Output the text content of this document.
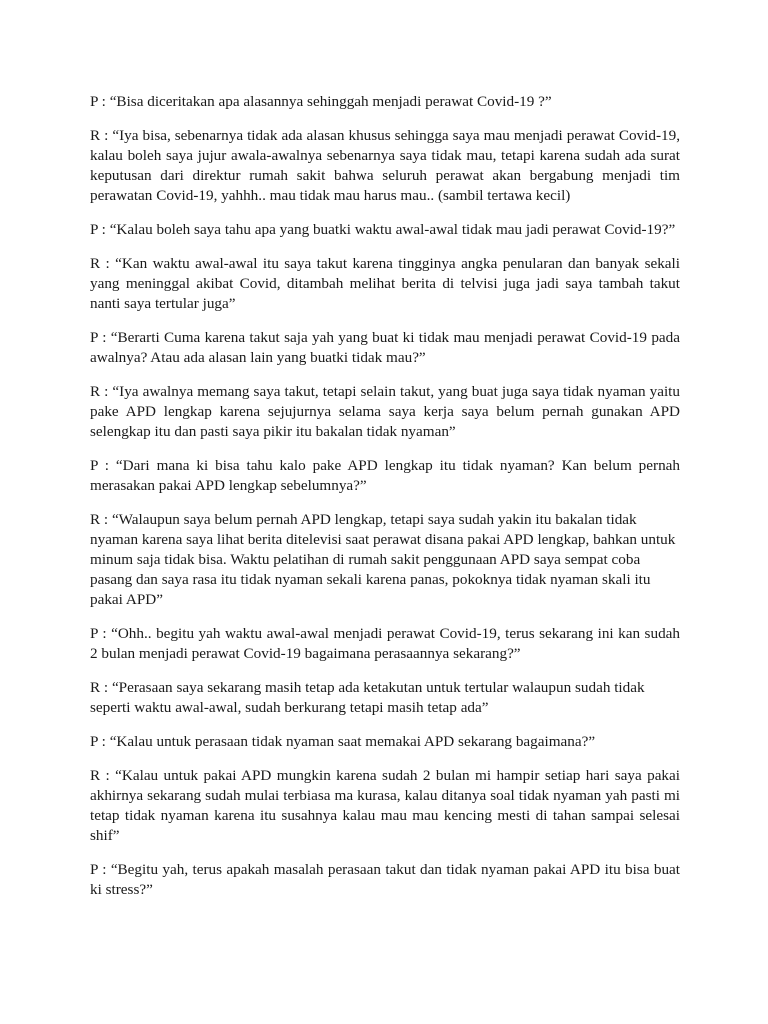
P : “Bisa diceritakan apa alasannya sehinggah menjadi perawat Covid-19 ?”

R : “Iya bisa, sebenarnya tidak ada alasan khusus sehingga saya mau menjadi perawat Covid-19, kalau boleh saya jujur awala-awalnya sebenarnya saya tidak mau, tetapi karena sudah ada surat keputusan dari direktur rumah sakit bahwa seluruh perawat akan bergabung menjadi tim perawatan Covid-19, yahhh.. mau tidak mau harus mau.. (sambil tertawa kecil)

P : “Kalau boleh saya tahu apa yang buatki waktu awal-awal tidak mau jadi perawat Covid-19?”

R : “Kan waktu awal-awal itu saya takut karena tingginya angka penularan dan banyak sekali yang meninggal akibat Covid, ditambah melihat berita di telvisi juga jadi saya tambah takut nanti saya tertular juga”

P : “Berarti Cuma karena takut saja yah yang buat ki tidak mau menjadi perawat Covid-19 pada awalnya? Atau ada alasan lain yang buatki tidak mau?”

R : “Iya awalnya memang saya takut, tetapi selain takut, yang buat juga saya tidak nyaman yaitu pake APD lengkap karena sejujurnya selama saya kerja saya belum pernah gunakan APD selengkap itu dan pasti saya pikir itu bakalan tidak nyaman”

P : “Dari mana ki bisa tahu kalo pake APD lengkap itu tidak nyaman? Kan belum pernah merasakan pakai APD lengkap sebelumnya?”

R : “Walaupun saya belum pernah APD lengkap, tetapi saya sudah yakin itu bakalan tidak nyaman karena saya lihat berita ditelevisi saat perawat disana pakai APD lengkap, bahkan untuk minum saja tidak bisa. Waktu pelatihan di rumah sakit penggunaan APD saya sempat coba pasang dan saya rasa itu tidak nyaman sekali karena panas, pokoknya tidak nyaman skali itu pakai APD”

P : “Ohh.. begitu yah waktu awal-awal menjadi perawat Covid-19, terus sekarang ini kan sudah 2 bulan menjadi perawat Covid-19 bagaimana perasaannya sekarang?”

R : “Perasaan saya sekarang masih tetap ada ketakutan untuk tertular walaupun sudah tidak seperti waktu awal-awal, sudah berkurang tetapi masih tetap ada”

P : “Kalau untuk perasaan tidak nyaman saat memakai APD sekarang bagaimana?”

R : “Kalau untuk pakai APD mungkin karena sudah 2 bulan mi hampir setiap hari saya pakai akhirnya sekarang sudah mulai terbiasa ma kurasa, kalau ditanya soal tidak nyaman yah pasti mi tetap tidak nyaman karena itu susahnya kalau mau mau kencing mesti di tahan sampai selesai shif”

P : “Begitu yah, terus apakah masalah perasaan takut dan tidak nyaman pakai APD itu bisa buat ki stress?”
